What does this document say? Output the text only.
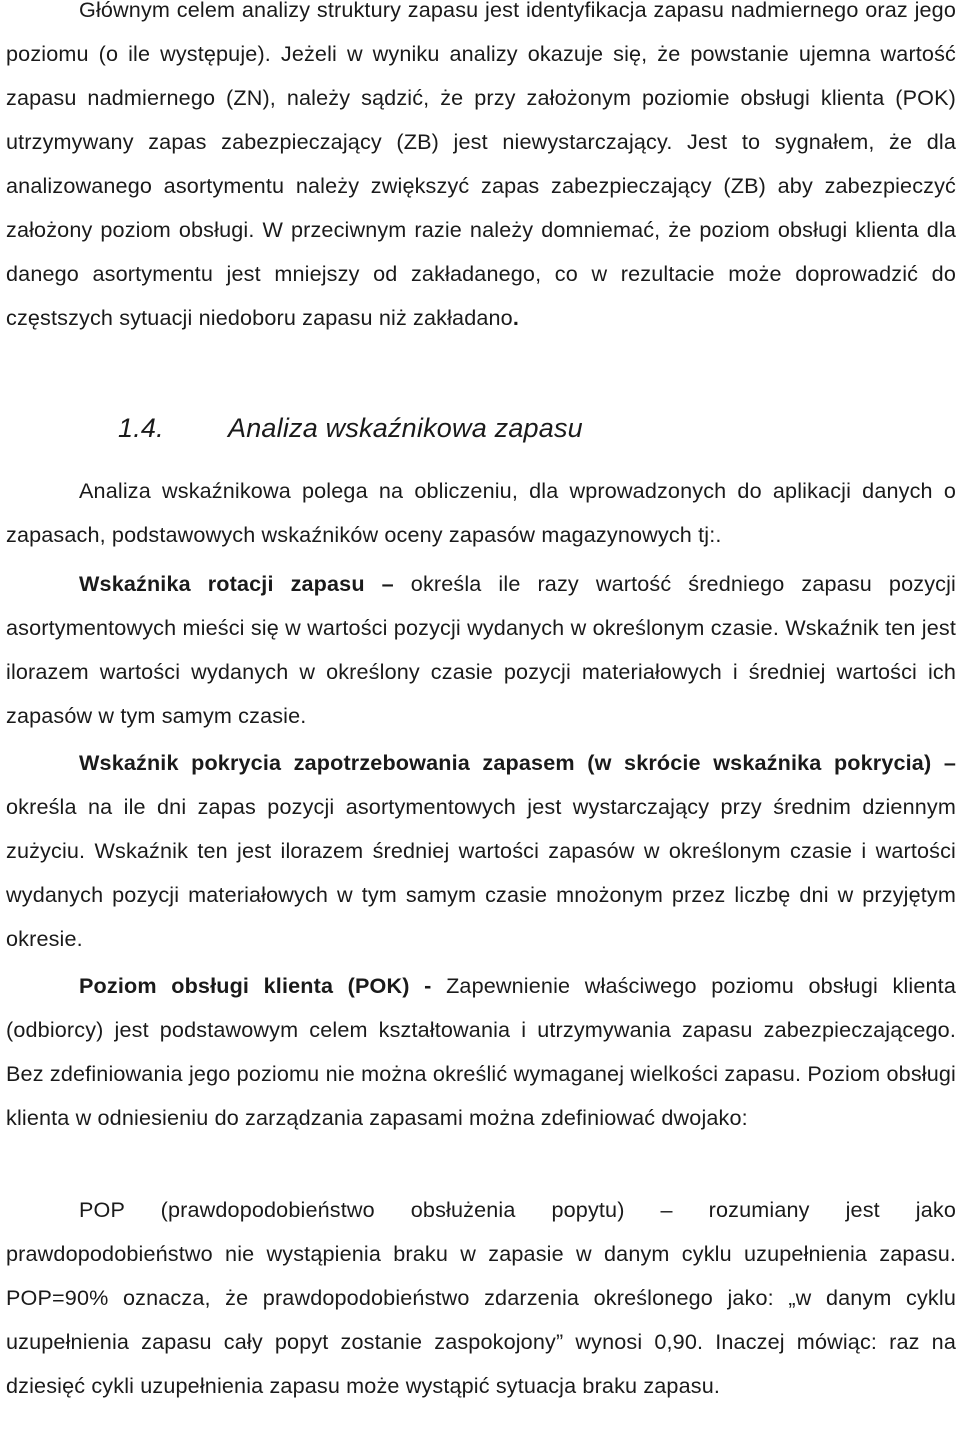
Głównym celem analizy struktury zapasu jest identyfikacja zapasu nadmiernego oraz jego poziomu (o ile występuje). Jeżeli w wyniku analizy okazuje się, że powstanie ujemna wartość zapasu nadmiernego (ZN), należy sądzić, że przy założonym poziomie obsługi klienta (POK) utrzymywany zapas zabezpieczający (ZB) jest niewystarczający. Jest to sygnałem, że dla analizowanego asortymentu należy zwiększyć zapas zabezpieczający (ZB) aby zabezpieczyć założony poziom obsługi. W przeciwnym razie należy domniemać, że poziom obsługi klienta dla danego asortymentu jest mniejszy od zakładanego, co w rezultacie może doprowadzić do częstszych sytuacji niedoboru zapasu niż zakładano.

1.4. Analiza wskaźnikowa zapasu

Analiza wskaźnikowa polega na obliczeniu, dla wprowadzonych do aplikacji danych o zapasach, podstawowych wskaźników oceny zapasów magazynowych tj:.

Wskaźnika rotacji zapasu – określa ile razy wartość średniego zapasu pozycji asortymentowych mieści się w wartości pozycji wydanych w określonym czasie. Wskaźnik ten jest ilorazem wartości wydanych w określony czasie pozycji materiałowych i średniej wartości ich zapasów w tym samym czasie.

Wskaźnik pokrycia zapotrzebowania zapasem (w skrócie wskaźnika pokrycia) – określa na ile dni zapas pozycji asortymentowych jest wystarczający przy średnim dziennym zużyciu. Wskaźnik ten jest ilorazem średniej wartości zapasów w określonym czasie i wartości wydanych pozycji materiałowych w tym samym czasie mnożonym przez liczbę dni w przyjętym okresie.

Poziom obsługi klienta (POK) - Zapewnienie właściwego poziomu obsługi klienta (odbiorcy) jest podstawowym celem kształtowania i utrzymywania zapasu zabezpieczającego. Bez zdefiniowania jego poziomu nie można określić wymaganej wielkości zapasu. Poziom obsługi klienta w odniesieniu do zarządzania zapasami można zdefiniować dwojako:

POP (prawdopodobieństwo obsłużenia popytu) – rozumiany jest jako prawdopodobieństwo nie wystąpienia braku w zapasie w danym cyklu uzupełnienia zapasu. POP=90% oznacza, że prawdopodobieństwo zdarzenia określonego jako: „w danym cyklu uzupełnienia zapasu cały popyt zostanie zaspokojony” wynosi 0,90. Inaczej mówiąc: raz na dziesięć cykli uzupełnienia zapasu może wystąpić sytuacja braku zapasu.
